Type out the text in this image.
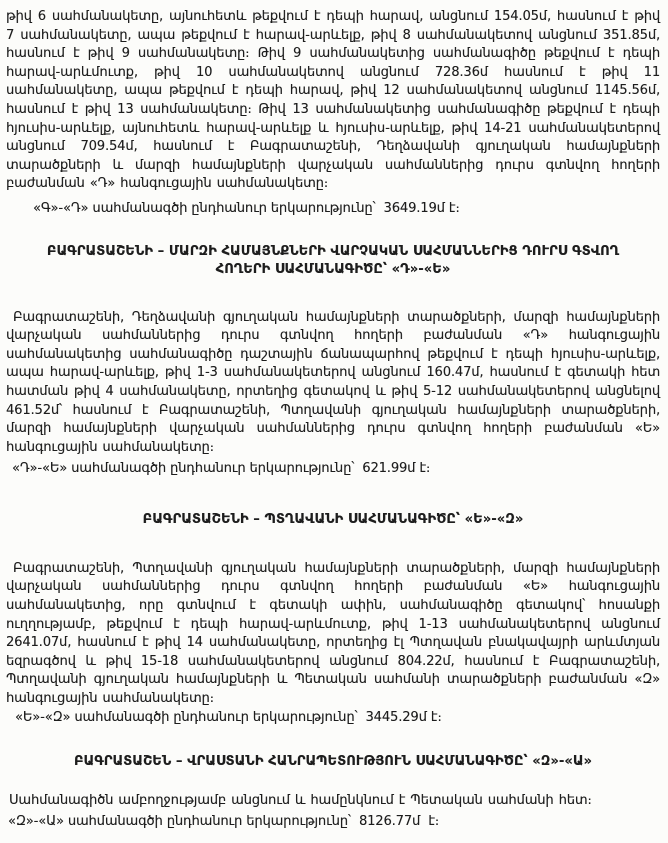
թիվ 6 սահմանակետը, այնուհետև թեքվում է դեպի հարավ, անցնում 154.05մ, հասնում է թիվ 7 սահմանակետը, ապա թեքվում է հարավ-արևելք, թիվ 8 սահմանակետով անցնում 351.85մ, հասնում է թիվ 9 սահմանակետը։ Թիվ 9 սահմանակետից սահմանագիծը թեքվում է դեպի հարավ-արևմուտք, թիվ 10 սահմանակետով անցնում 728.36մ հասնում է թիվ 11 սահմանակետը, ապա թեքվում է դեպի հարավ, թիվ 12 սահմանակետով անցնում 1145.56մ, հասնում է թիվ 13 սահմանակետը։ Թիվ 13 սահմանակետից սահմանագիծը թեքվում է դեպի հյուսիս-արևելք, այնուհետև հարավ-արևելք և հյուսիս-արևելք, թիվ 14-21 սահմանակետերով անցնում 709.54մ, հասնում է Բագրատաշենի, Դեղձավանի գյուղական համայնքների տարածքների և մարզի համայնքների վարչական սահմաններից դուրս գտնվող հողերի բաժանման «Դ» հանգուցային սահմանակետը։

«Գ»-«Դ» սահմանագծի ընդհանուր երկարությունը՝  3649.19մ է։

ԲԱԳՐԱՏԱՇԵՆԻ – ՄԱՐԶԻ ՀԱՄԱՅՆՔՆԵՐԻ ՎԱՐՉԱԿԱՆ ՍԱՀՄԱՆՆԵՐԻՑ ԴՈՒՐՍ ԳՏՎՈՂ ՀՈՂԵՐԻ ՍԱՀՄԱՆԱԳԻԾԸ՝ «Դ»-«Ե»

Բագրատաշենի, Դեղձավանի գյուղական համայնքների տարածքների, մարզի համայնքների վարչական սահմաններից դուրս գտնվող հողերի բաժանման «Դ» հանգուցային սահմանակետից սահմանագիծը դաշտային ճանապարհով թեքվում է դեպի հյուսիս-արևելք, ապա հարավ-արևելք, թիվ 1-3 սահմանակետերով անցնում 160.47մ, հասնում է գետակի հետ հատման թիվ 4 սահմանակետը, որտեղից գետակով և թիվ 5-12 սահմանակետերով անցնելով 461.52մ՝ հասնում է Բագրատաշենի, Պտղավանի գյուղական համայնքների տարածքների, մարզի համայնքների վարչական սահմաններից դուրս գտնվող հողերի բաժանման «Ե» հանգուցային սահմանակետը։

«Դ»-«Ե» սահմանագծի ընդհանուր երկարությունը՝  621.99մ է։

ԲԱԳՐԱՏԱՇԵՆԻ – ՊՏՂԱՎԱՆԻ ՍԱՀՄԱՆԱԳԻԾԸ՝ «Ե»-«Զ»

Բագրատաշենի, Պտղավանի գյուղական համայնքների տարածքների, մարզի համայնքների վարչական սահմաններից դուրս գտնվող հողերի բաժանման «Ե» հանգուցային սահմանակետից, որը գտնվում է գետակի ափին, սահմանագիծը գետակով՝ հոսանքի ուղղությամբ, թեքվում է դեպի հարավ-արևմուտք, թիվ 1-13 սահմանակետերով անցնում 2641.07մ, հասնում է թիվ 14 սահմանակետը, որտեղից էլ Պտղավան բնակավայրի արևմտյան եզրագծով և թիվ 15-18 սահմանակետերով անցնում 804.22մ, հասնում է Բագրատաշենի, Պտղավանի գյուղական համայնքների և Պետական սահմանի տարածքների բաժանման «Զ» հանգուցային սահմանակետը։

«Ե»-«Զ» սահմանագծի ընդհանուր երկարությունը՝  3445.29մ է։

ԲԱԳՐԱՏԱՇԵՆ – ՎՐԱՍՏԱՆԻ ՀԱՆՐԱՊԵՏՈՒԹՅՈՒՆ ՍԱՀՄԱՆԱԳԻԾԸ՝ «Զ»-«Ա»

Սահմանագիծն ամբողջությամբ անցնում և համընկնում է Պետական սահմանի հետ։

«Զ»-«Ա» սահմանագծի ընդհանուր երկարությունը՝  8126.77մ  է։
